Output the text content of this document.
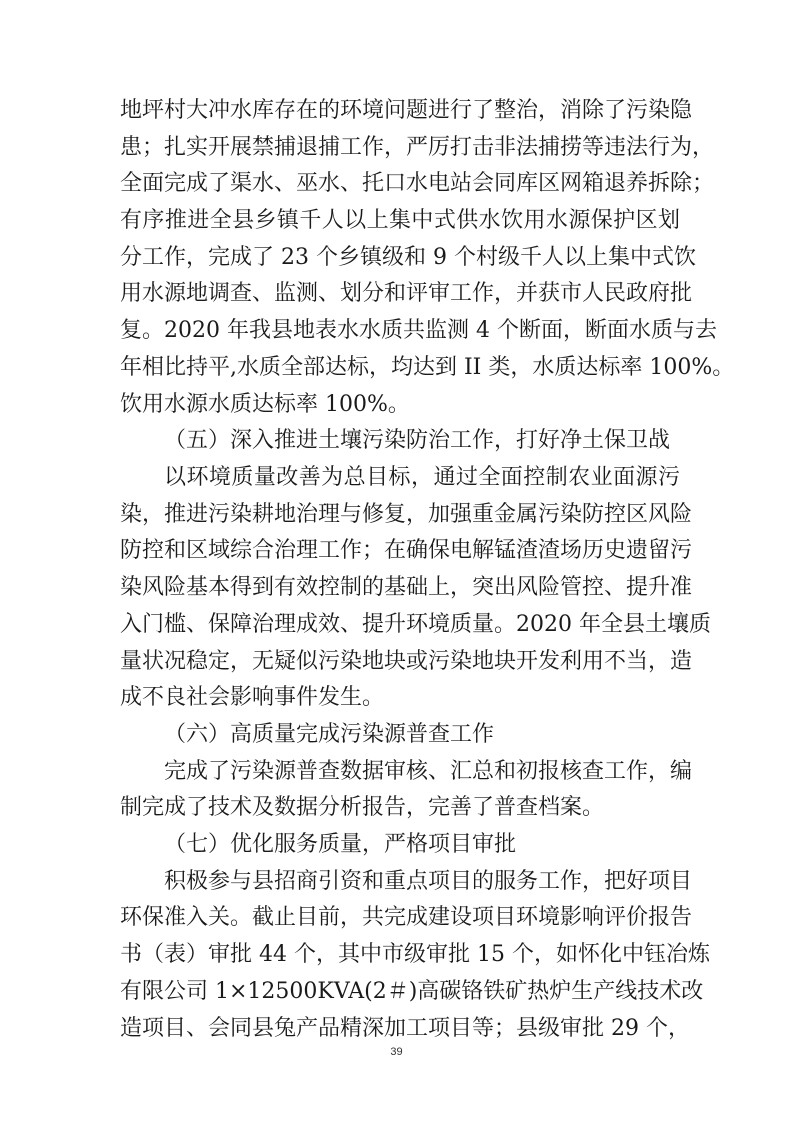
地坪村大冲水库存在的环境问题进行了整治，消除了污染隐
患；扎实开展禁捕退捕工作，严厉打击非法捕捞等违法行为，
全面完成了渠水、巫水、托口水电站会同库区网箱退养拆除；
有序推进全县乡镇千人以上集中式供水饮用水源保护区划
分工作，完成了 23 个乡镇级和 9 个村级千人以上集中式饮
用水源地调查、监测、划分和评审工作，并获市人民政府批
复。2020 年我县地表水水质共监测 4 个断面，断面水质与去
年相比持平,水质全部达标，均达到 II 类，水质达标率 100%。
饮用水源水质达标率 100%。
（五）深入推进土壤污染防治工作，打好净土保卫战
以环境质量改善为总目标，通过全面控制农业面源污
染，推进污染耕地治理与修复，加强重金属污染防控区风险
防控和区域综合治理工作；在确保电解锰渣渣场历史遗留污
染风险基本得到有效控制的基础上，突出风险管控、提升准
入门槛、保障治理成效、提升环境质量。2020 年全县土壤质
量状况稳定，无疑似污染地块或污染地块开发利用不当，造
成不良社会影响事件发生。
（六）高质量完成污染源普查工作
完成了污染源普查数据审核、汇总和初报核查工作，编
制完成了技术及数据分析报告，完善了普查档案。
（七）优化服务质量，严格项目审批
积极参与县招商引资和重点项目的服务工作，把好项目
环保准入关。截止目前，共完成建设项目环境影响评价报告
书（表）审批 44 个，其中市级审批 15 个，如怀化中钰冶炼
有限公司 1×12500KVA(2＃)高碳铬铁矿热炉生产线技术改
39
造项目、会同县兔产品精深加工项目等；县级审批 29 个，
